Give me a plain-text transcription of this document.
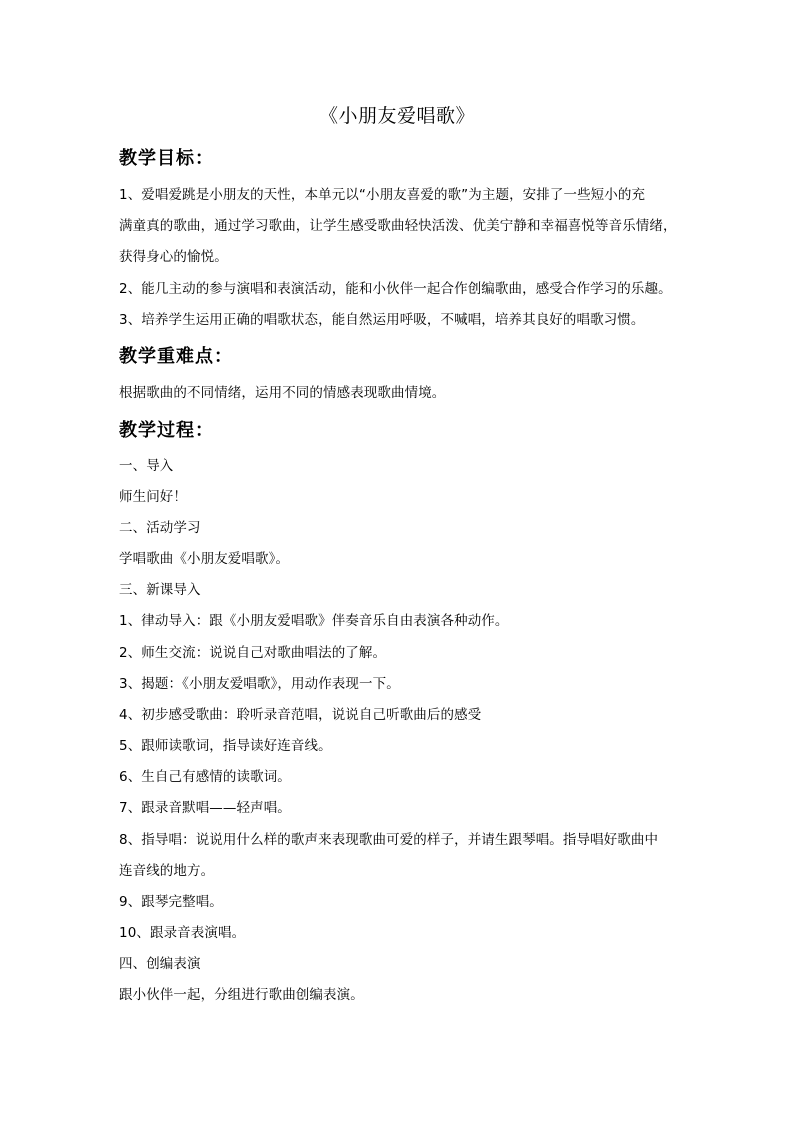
《小朋友爱唱歌》
教学目标：
1、爱唱爱跳是小朋友的天性，本单元以“小朋友喜爱的歌”为主题，安排了一些短小的充
满童真的歌曲，通过学习歌曲，让学生感受歌曲轻快活泼、优美宁静和幸福喜悦等音乐情绪，
获得身心的愉悦。
2、能几主动的参与演唱和表演活动，能和小伙伴一起合作创编歌曲，感受合作学习的乐趣。
3、培养学生运用正确的唱歌状态，能自然运用呼吸，不喊唱，培养其良好的唱歌习惯。
教学重难点：
根据歌曲的不同情绪，运用不同的情感表现歌曲情境。
教学过程：
一、导入
师生问好！
二、活动学习
学唱歌曲《小朋友爱唱歌》。
三、新课导入
1、律动导入：跟《小朋友爱唱歌》伴奏音乐自由表演各种动作。
2、师生交流：说说自己对歌曲唱法的了解。
3、揭题：《小朋友爱唱歌》，用动作表现一下。
4、初步感受歌曲：聆听录音范唱，说说自己听歌曲后的感受
5、跟师读歌词，指导读好连音线。
6、生自己有感情的读歌词。
7、跟录音默唱——轻声唱。
8、指导唱：说说用什么样的歌声来表现歌曲可爱的样子，并请生跟琴唱。指导唱好歌曲中
连音线的地方。
9、跟琴完整唱。
10、跟录音表演唱。
四、创编表演
跟小伙伴一起，分组进行歌曲创编表演。
